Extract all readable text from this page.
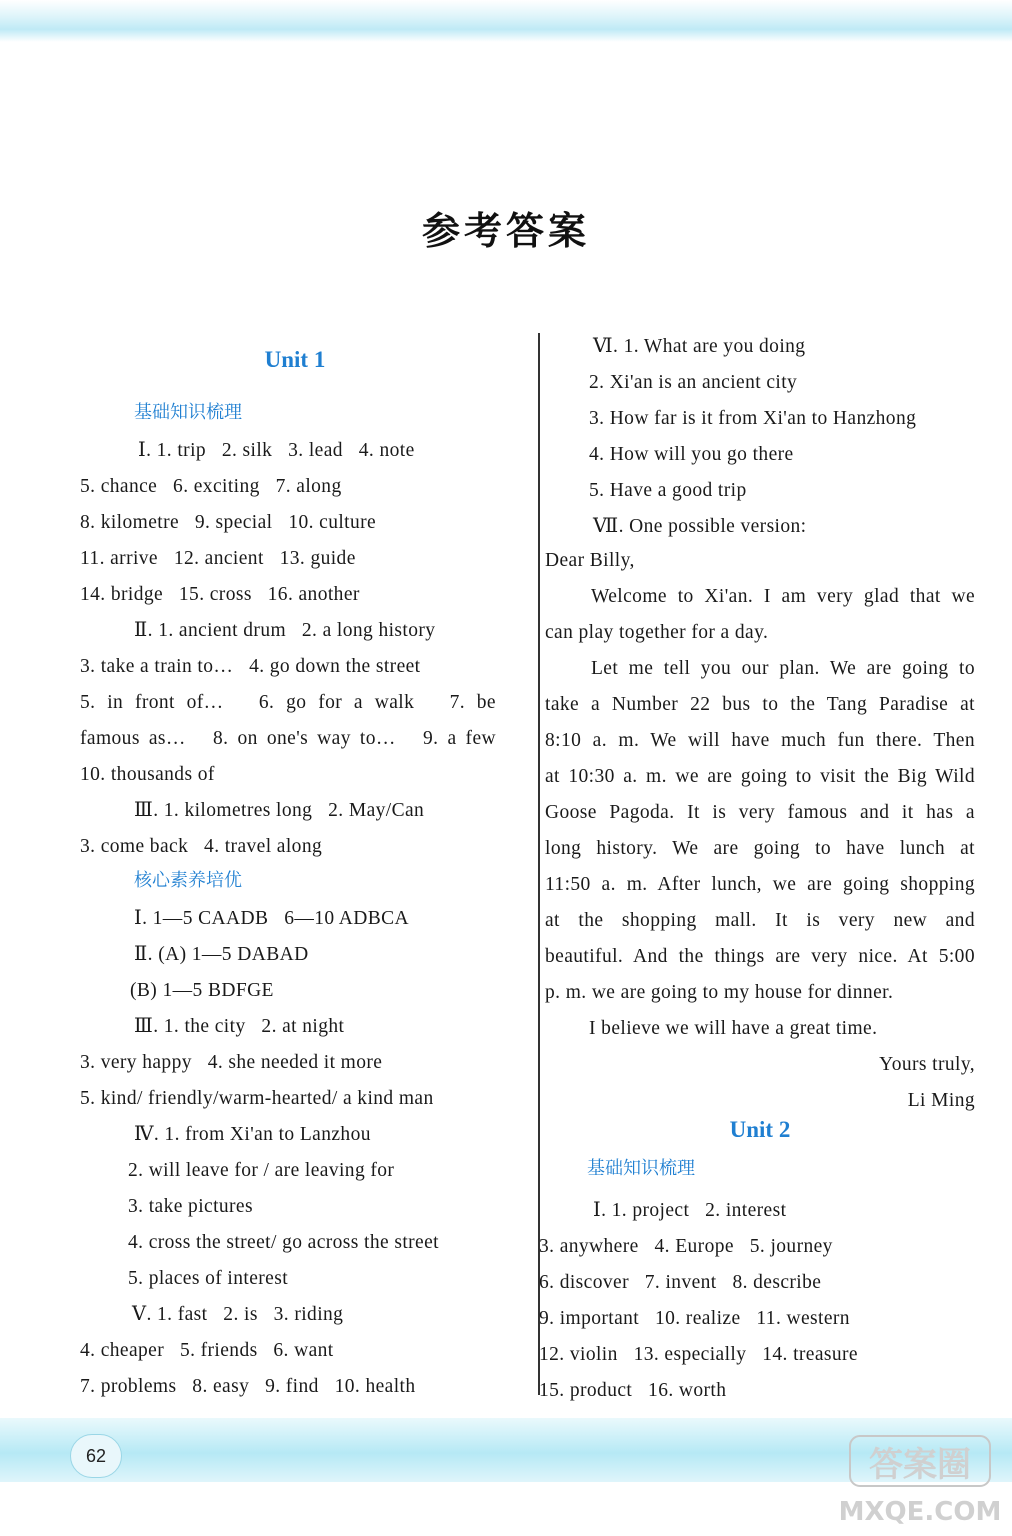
参考答案
Unit 1
基础知识梳理
Ⅰ. 1. trip   2. silk   3. lead   4. note
5. chance   6. exciting   7. along
8. kilometre   9. special   10. culture
11. arrive   12. ancient   13. guide
14. bridge   15. cross   16. another
Ⅱ. 1. ancient drum   2. a long history
3. take a train to…   4. go down the street
5. in front of…   6. go for a walk   7. be
famous as…   8. on one's way to…   9. a few
10. thousands of
Ⅲ. 1. kilometres long   2. May/Can
3. come back   4. travel along
核心素养培优
Ⅰ. 1—5 CAADB   6—10 ADBCA
Ⅱ. (A) 1—5 DABAD
(B) 1—5 BDFGE
Ⅲ. 1. the city   2. at night
3. very happy   4. she needed it more
5. kind/ friendly/warm-hearted/ a kind man
Ⅳ. 1. from Xi'an to Lanzhou
2. will leave for / are leaving for
3. take pictures
4. cross the street/ go across the street
5. places of interest
Ⅴ. 1. fast   2. is   3. riding
4. cheaper   5. friends   6. want
7. problems   8. easy   9. find   10. health
Ⅵ. 1. What are you doing
2. Xi'an is an ancient city
3. How far is it from Xi'an to Hanzhong
4. How will you go there
5. Have a good trip
Ⅶ. One possible version:
Dear Billy,
Welcome to Xi'an. I am very glad that we
can play together for a day.
Let me tell you our plan. We are going to
take a Number 22 bus to the Tang Paradise at
8:10 a. m. We will have much fun there. Then
at 10:30 a. m. we are going to visit the Big Wild
Goose Pagoda. It is very famous and it has a
long history. We are going to have lunch at
11:50 a. m. After lunch, we are going shopping
at the shopping mall. It is very new and
beautiful. And the things are very nice. At 5:00
p. m. we are going to my house for dinner.
I believe we will have a great time.
Yours truly,
Li Ming
Unit 2
基础知识梳理
Ⅰ. 1. project   2. interest
3. anywhere   4. Europe   5. journey
6. discover   7. invent   8. describe
9. important   10. realize   11. western
12. violin   13. especially   14. treasure
15. product   16. worth
62	答案圈
MXQE.COM
